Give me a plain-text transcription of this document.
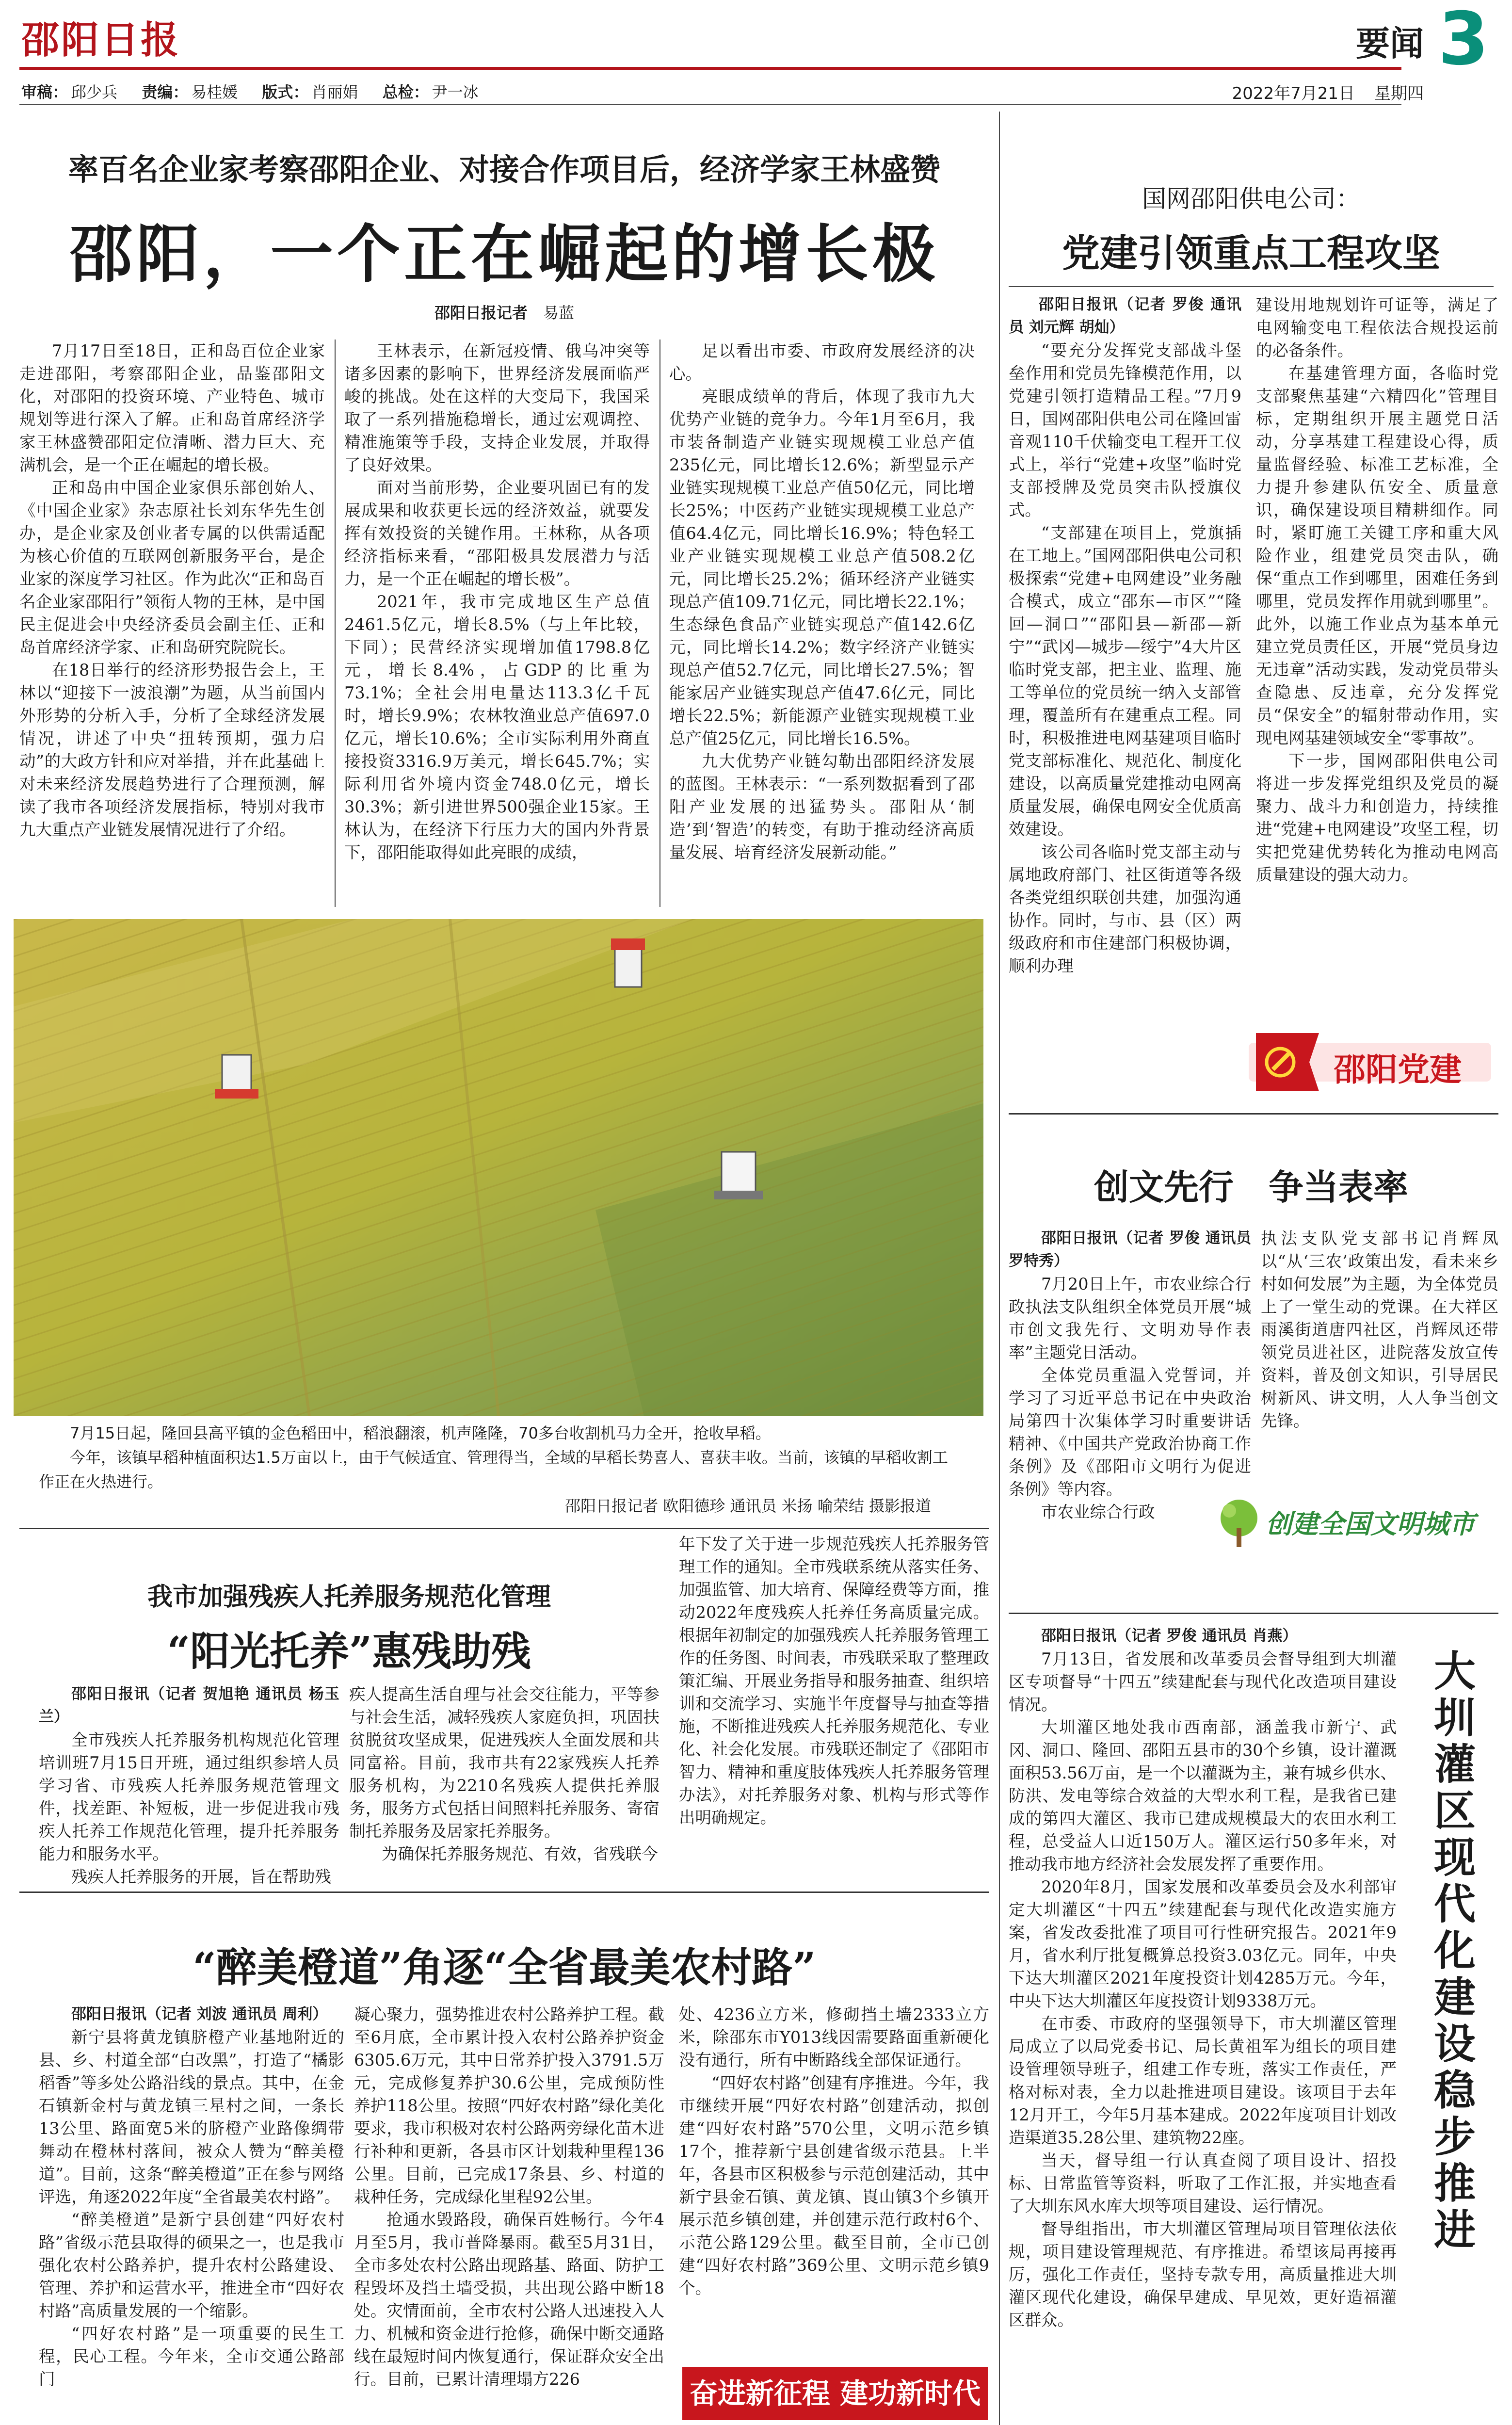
邵阳日报	要闻 3
审稿： 邱少兵 责编： 易桂媛 版式： 肖丽娟 总检： 尹一冰	2022年7月21日 星期四
率百名企业家考察邵阳企业、对接合作项目后，经济学家王林盛赞
邵阳，一个正在崛起的增长极
邵阳日报记者　 易蓝

7月17日至18日，正和岛百位企业家走进邵阳，考察邵阳企业，品鉴邵阳文化，对邵阳的投资环境、产业特色、城市规划等进行深入了解。正和岛首席经济学家王林盛赞邵阳定位清晰、潜力巨大、充满机会，是一个正在崛起的增长极。

正和岛由中国企业家俱乐部创始人、《中国企业家》杂志原社长刘东华先生创办，是企业家及创业者专属的以供需适配为核心价值的互联网创新服务平台，是企业家的深度学习社区。作为此次“正和岛百名企业家邵阳行”领衔人物的王林，是中国民主促进会中央经济委员会副主任、正和岛首席经济学家、正和岛研究院院长。

在18日举行的经济形势报告会上，王林以“迎接下一波浪潮”为题，从当前国内外形势的分析入手，分析了全球经济发展情况，讲述了中央“扭转预期，强力启动”的大政方针和应对举措，并在此基础上对未来经济发展趋势进行了合理预测，解读了我市各项经济发展指标，特别对我市九大重点产业链发展情况进行了介绍。

王林表示，在新冠疫情、俄乌冲突等诸多因素的影响下，世界经济发展面临严峻的挑战。处在这样的大变局下，我国采取了一系列措施稳增长，通过宏观调控、精准施策等手段，支持企业发展，并取得了良好效果。

面对当前形势，企业要巩固已有的发展成果和收获更长远的经济效益，就要发挥有效投资的关键作用。王林称，从各项经济指标来看，“邵阳极具发展潜力与活力，是一个正在崛起的增长极”。

2021年，我市完成地区生产总值2461.5亿元，增长8.5%（与上年比较，下同）；民营经济实现增加值1798.8亿元，增长8.4%，占GDP的比重为73.1%；全社会用电量达113.3亿千瓦时，增长9.9%；农林牧渔业总产值697.0亿元，增长10.6%；全市实际利用外商直接投资3316.9万美元，增长645.7%；实际利用省外境内资金748.0亿元，增长30.3%；新引进世界500强企业15家。王林认为，在经济下行压力大的国内外背景下，邵阳能取得如此亮眼的成绩，

足以看出市委、市政府发展经济的决心。

亮眼成绩单的背后，体现了我市九大优势产业链的竞争力。今年1月至6月，我市装备制造产业链实现规模工业总产值235亿元，同比增长12.6%；新型显示产业链实现规模工业总产值50亿元，同比增长25%；中医药产业链实现规模工业总产值64.4亿元，同比增长16.9%；特色轻工业产业链实现规模工业总产值508.2亿元，同比增长25.2%；循环经济产业链实现总产值109.71亿元，同比增长22.1%；生态绿色食品产业链实现总产值142.6亿元，同比增长14.2%；数字经济产业链实现总产值52.7亿元，同比增长27.5%；智能家居产业链实现总产值47.6亿元，同比增长22.5%；新能源产业链实现规模工业总产值25亿元，同比增长16.5%。

九大优势产业链勾勒出邵阳经济发展的蓝图。王林表示：“一系列数据看到了邵阳产业发展的迅猛势头。邵阳从‘制造’到‘智造’的转变，有助于推动经济高质量发展、培育经济发展新动能。”

国网邵阳供电公司：
党建引领重点工程攻坚

邵阳日报讯（记者 罗俊 通讯员 刘元辉 胡灿）

“要充分发挥党支部战斗堡垒作用和党员先锋模范作用，以党建引领打造精品工程。”7月9日，国网邵阳供电公司在隆回雷音观110千伏输变电工程开工仪式上，举行“党建+攻坚”临时党支部授牌及党员突击队授旗仪式。

“支部建在项目上，党旗插在工地上。”国网邵阳供电公司积极探索“党建+电网建设”业务融合模式，成立“邵东—市区”“隆回—洞口”“邵阳县—新邵—新宁”“武冈—城步—绥宁”4大片区临时党支部，把主业、监理、施工等单位的党员统一纳入支部管理，覆盖所有在建重点工程。同时，积极推进电网基建项目临时党支部标准化、规范化、制度化建设，以高质量党建推动电网高质量发展，确保电网安全优质高效建设。

该公司各临时党支部主动与属地政府部门、社区街道等各级各类党组织联创共建，加强沟通协作。同时，与市、县（区）两级政府和市住建部门积极协调，顺利办理

建设用地规划许可证等，满足了电网输变电工程依法合规投运前的必备条件。

在基建管理方面，各临时党支部聚焦基建“六精四化”管理目标，定期组织开展主题党日活动，分享基建工程建设心得，质量监督经验、标准工艺标准，全力提升参建队伍安全、质量意识，确保建设项目精耕细作。同时，紧盯施工关键工序和重大风险作业，组建党员突击队，确保“重点工作到哪里，困难任务到哪里，党员发挥作用就到哪里”。此外，以施工作业点为基本单元建立党员责任区，开展“党员身边无违章”活动实践，发动党员带头查隐患、反违章，充分发挥党员“保安全”的辐射带动作用，实现电网基建领域安全“零事故”。

下一步，国网邵阳供电公司将进一步发挥党组织及党员的凝聚力、战斗力和创造力，持续推进“党建+电网建设”攻坚工程，切实把党建优势转化为推动电网高质量建设的强大动力。

邵阳党建
创文先行　争当表率

邵阳日报讯（记者 罗俊 通讯员 罗特秀）

7月20日上午，市农业综合行政执法支队组织全体党员开展“城市创文我先行、文明劝导作表率”主题党日活动。

全体党员重温入党誓词，并学习了习近平总书记在中央政治局第四十次集体学习时重要讲话精神、《中国共产党政治协商工作条例》及《邵阳市文明行为促进条例》等内容。

市农业综合行政

执法支队党支部书记肖辉凤以“从‘三农’政策出发，看未来乡村如何发展”为主题，为全体党员上了一堂生动的党课。在大祥区雨溪街道唐四社区，肖辉凤还带领党员进社区，进院落发放宣传资料，普及创文知识，引导居民树新风、讲文明，人人争当创文先锋。

创建全国文明城市

邵阳日报讯（记者 罗俊 通讯员 肖燕）

7月13日，省发展和改革委员会督导组到大圳灌区专项督导“十四五”续建配套与现代化改造项目建设情况。

大圳灌区地处我市西南部，涵盖我市新宁、武冈、洞口、隆回、邵阳五县市的30个乡镇，设计灌溉面积53.56万亩，是一个以灌溉为主，兼有城乡供水、防洪、发电等综合效益的大型水利工程，是我省已建成的第四大灌区、我市已建成规模最大的农田水利工程，总受益人口近150万人。灌区运行50多年来，对推动我市地方经济社会发展发挥了重要作用。

2020年8月，国家发展和改革委员会及水利部审定大圳灌区“十四五”续建配套与现代化改造实施方案，省发改委批准了项目可行性研究报告。2021年9月，省水利厅批复概算总投资3.03亿元。同年，中央下达大圳灌区2021年度投资计划4285万元。今年，中央下达大圳灌区年度投资计划9338万元。

在市委、市政府的坚强领导下，市大圳灌区管理局成立了以局党委书记、局长黄祖军为组长的项目建设管理领导班子，组建工作专班，落实工作责任，严格对标对表，全力以赴推进项目建设。该项目于去年12月开工，今年5月基本建成。2022年度项目计划改造渠道35.28公里、建筑物22座。

当天，督导组一行认真查阅了项目设计、招投标、日常监管等资料，听取了工作汇报，并实地查看了大圳东风水库大坝等项目建设、运行情况。

督导组指出，市大圳灌区管理局项目管理依法依规，项目建设管理规范、有序推进。希望该局再接再厉，强化工作责任，坚持专款专用，高质量推进大圳灌区现代化建设，确保早建成、早见效，更好造福灌区群众。

大圳灌区现代化建设稳步推进

7月15日起，隆回县高平镇的金色稻田中，稻浪翻滚，机声隆隆，70多台收割机马力全开，抢收早稻。

今年，该镇早稻种植面积达1.5万亩以上，由于气候适宜、管理得当，全域的早稻长势喜人、喜获丰收。当前，该镇的早稻收割工作正在火热进行。

邵阳日报记者 欧阳德珍 通讯员 米扬 喻荣结 摄影报道

我市加强残疾人托养服务规范化管理
“阳光托养”惠残助残

邵阳日报讯（记者 贺旭艳 通讯员 杨玉兰）

全市残疾人托养服务机构规范化管理培训班7月15日开班，通过组织参培人员学习省、市残疾人托养服务规范管理文件，找差距、补短板，进一步促进我市残疾人托养工作规范化管理，提升托养服务能力和服务水平。

残疾人托养服务的开展，旨在帮助残

疾人提高生活自理与社会交往能力，平等参与社会生活，减轻残疾人家庭负担，巩固扶贫脱贫攻坚成果，促进残疾人全面发展和共同富裕。目前，我市共有22家残疾人托养服务机构，为2210名残疾人提供托养服务，服务方式包括日间照料托养服务、寄宿制托养服务及居家托养服务。

为确保托养服务规范、有效，省残联今

年下发了关于进一步规范残疾人托养服务管理工作的通知。全市残联系统从落实任务、加强监管、加大培育、保障经费等方面，推动2022年度残疾人托养任务高质量完成。根据年初制定的加强残疾人托养服务管理工作的任务图、时间表，市残联采取了整理政策汇编、开展业务指导和服务抽查、组织培训和交流学习、实施半年度督导与抽查等措施，不断推进残疾人托养服务规范化、专业化、社会化发展。市残联还制定了《邵阳市智力、精神和重度肢体残疾人托养服务管理办法》，对托养服务对象、机构与形式等作出明确规定。

“醉美橙道”角逐“全省最美农村路”

邵阳日报讯（记者 刘波 通讯员 周利）

新宁县将黄龙镇脐橙产业基地附近的县、乡、村道全部“白改黑”，打造了“橘影稻香”等多处公路沿线的景点。其中，在金石镇新金村与黄龙镇三星村之间，一条长13公里、路面宽5米的脐橙产业路像绸带舞动在橙林村落间，被众人赞为“醉美橙道”。目前，这条“醉美橙道”正在参与网络评选，角逐2022年度“全省最美农村路”。

“醉美橙道”是新宁县创建“四好农村路”省级示范县取得的硕果之一，也是我市强化农村公路养护，提升农村公路建设、管理、养护和运营水平，推进全市“四好农村路”高质量发展的一个缩影。

“四好农村路”是一项重要的民生工程，民心工程。今年来，全市交通公路部门

凝心聚力，强势推进农村公路养护工程。截至6月底，全市累计投入农村公路养护资金6305.6万元，其中日常养护投入3791.5万元，完成修复养护30.6公里，完成预防性养护118公里。按照“四好农村路”绿化美化要求，我市积极对农村公路两旁绿化苗木进行补种和更新，各县市区计划栽种里程136公里。目前，已完成17条县、乡、村道的栽种任务，完成绿化里程92公里。

抢通水毁路段，确保百姓畅行。今年4月至5月，我市普降暴雨。截至5月31日，全市多处农村公路出现路基、路面、防护工程毁坏及挡土墙受损，共出现公路中断18处。灾情面前，全市农村公路人迅速投入人力、机械和资金进行抢修，确保中断交通路线在最短时间内恢复通行，保证群众安全出行。目前，已累计清理塌方226

处、4236立方米，修砌挡土墙2333立方米，除邵东市Y013线因需要路面重新硬化没有通行，所有中断路线全部保证通行。

“四好农村路”创建有序推进。今年，我市继续开展“四好农村路”创建活动，拟创建“四好农村路”570公里，文明示范乡镇17个，推荐新宁县创建省级示范县。上半年，各县市区积极参与示范创建活动，其中新宁县金石镇、黄龙镇、崀山镇3个乡镇开展示范乡镇创建，并创建示范行政村6个、示范公路129公里。截至目前，全市已创建“四好农村路”369公里、文明示范乡镇9个。

奋进新征程 建功新时代
